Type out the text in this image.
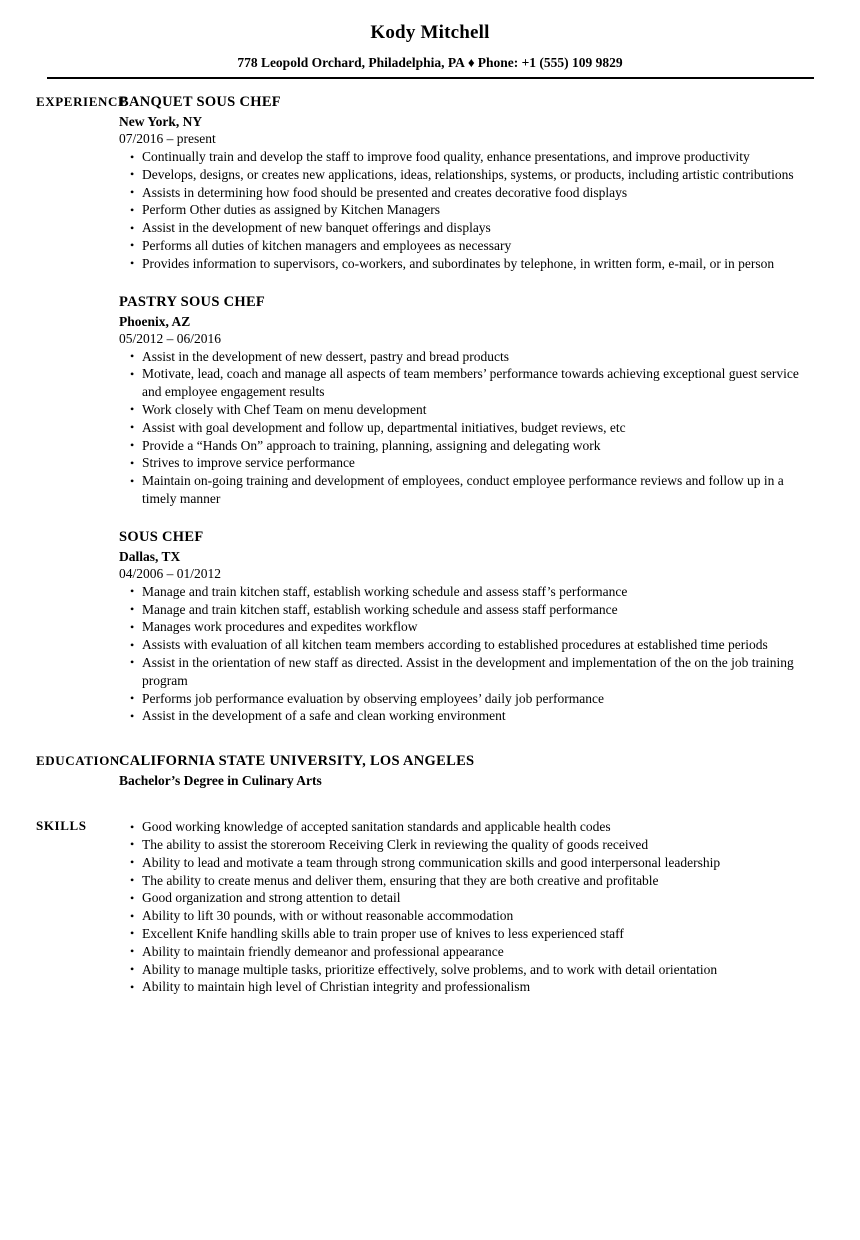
Kody Mitchell
778 Leopold Orchard, Philadelphia, PA ♦ Phone: +1 (555) 109 9829
EXPERIENCE
BANQUET SOUS CHEF
New York, NY
07/2016 – present
• Continually train and develop the staff to improve food quality, enhance presentations, and improve productivity
• Develops, designs, or creates new applications, ideas, relationships, systems, or products, including artistic contributions
• Assists in determining how food should be presented and creates decorative food displays
• Perform Other duties as assigned by Kitchen Managers
• Assist in the development of new banquet offerings and displays
• Performs all duties of kitchen managers and employees as necessary
• Provides information to supervisors, co-workers, and subordinates by telephone, in written form, e-mail, or in person
PASTRY SOUS CHEF
Phoenix, AZ
05/2012 – 06/2016
• Assist in the development of new dessert, pastry and bread products
• Motivate, lead, coach and manage all aspects of team members’ performance towards achieving exceptional guest service and employee engagement results
• Work closely with Chef Team on menu development
• Assist with goal development and follow up, departmental initiatives, budget reviews, etc
• Provide a “Hands On” approach to training, planning, assigning and delegating work
• Strives to improve service performance
• Maintain on-going training and development of employees, conduct employee performance reviews and follow up in a timely manner
SOUS CHEF
Dallas, TX
04/2006 – 01/2012
• Manage and train kitchen staff, establish working schedule and assess staff’s performance
• Manage and train kitchen staff, establish working schedule and assess staff performance
• Manages work procedures and expedites workflow
• Assists with evaluation of all kitchen team members according to established procedures at established time periods
• Assist in the orientation of new staff as directed. Assist in the development and implementation of the on the job training program
• Performs job performance evaluation by observing employees’ daily job performance
• Assist in the development of a safe and clean working environment
EDUCATION CALIFORNIA STATE UNIVERSITY, LOS ANGELES
Bachelor’s Degree in Culinary Arts
SKILLS	• Good working knowledge of accepted sanitation standards and applicable health codes
• The ability to assist the storeroom Receiving Clerk in reviewing the quality of goods received
• Ability to lead and motivate a team through strong communication skills and good interpersonal leadership
• The ability to create menus and deliver them, ensuring that they are both creative and profitable
• Good organization and strong attention to detail
• Ability to lift 30 pounds, with or without reasonable accommodation
• Excellent Knife handling skills able to train proper use of knives to less experienced staff
• Ability to maintain friendly demeanor and professional appearance
• Ability to manage multiple tasks, prioritize effectively, solve problems, and to work with detail orientation
• Ability to maintain high level of Christian integrity and professionalism
